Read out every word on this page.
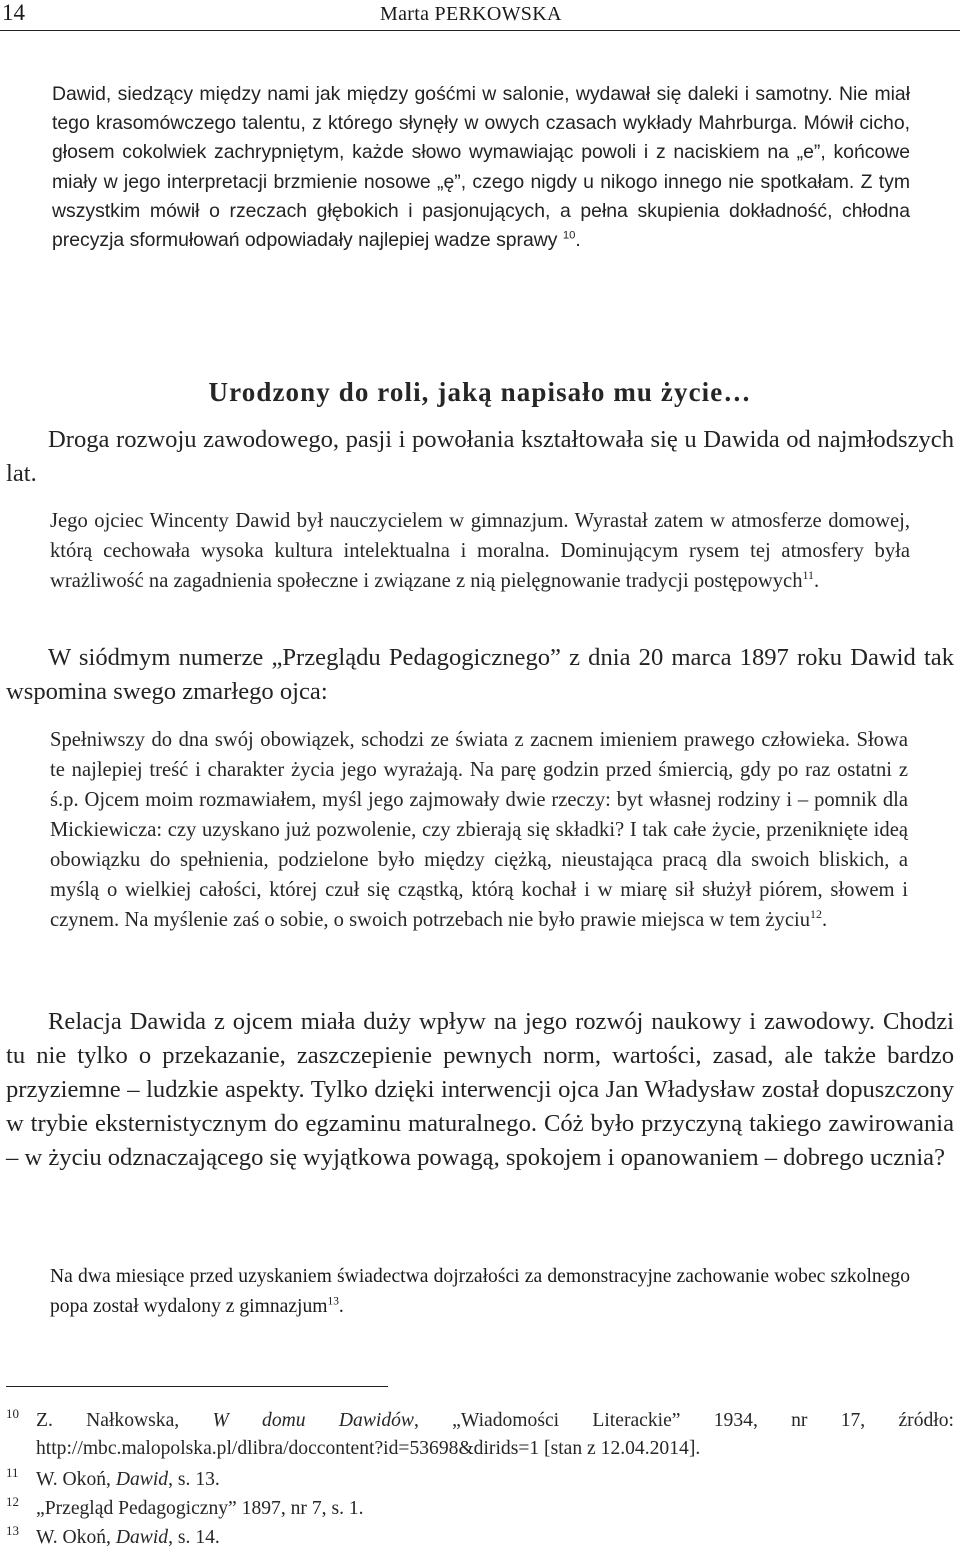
14	Marta PERKOWSKA

Dawid, siedzący między nami jak między gośćmi w salonie, wydawał się daleki i samotny. Nie miał tego krasomówczego talentu, z którego słynęły w owych czasach wykłady Mahrburga. Mówił cicho, głosem cokolwiek zachrypniętym, każde słowo wymawiając powoli i z naciskiem na „e”, końcowe miały w jego interpretacji brzmienie nosowe „ę”, czego nigdy u nikogo innego nie spotkałam. Z tym wszystkim mówił o rzeczach głębokich i pasjonujących, a pełna skupienia dokładność, chłodna precyzja sformułowań odpowiadały najlepiej wadze sprawy $^{10}$.

Urodzony do roli, jaką napisało mu życie…

Droga rozwoju zawodowego, pasji i powołania kształtowała się u Dawida od najmłodszych lat.

Jego ojciec Wincenty Dawid był nauczycielem w gimnazjum. Wyrastał zatem w atmosferze domowej, którą cechowała wysoka kultura intelektualna i moralna. Dominującym rysem tej atmosfery była wrażliwość na zagadnienia społeczne i związane z nią pielęgnowanie tradycji postępowych$^{11}$.

W siódmym numerze „Przeglądu Pedagogicznego” z dnia 20 marca 1897 roku Dawid tak wspomina swego zmarłego ojca:

Spełniwszy do dna swój obowiązek, schodzi ze świata z zacnem imieniem prawego człowieka. Słowa te najlepiej treść i charakter życia jego wyrażają. Na parę godzin przed śmiercią, gdy po raz ostatni z ś.p. Ojcem moim rozmawiałem, myśl jego zajmowały dwie rzeczy: byt własnej rodziny i – pomnik dla Mickiewicza: czy uzyskano już pozwolenie, czy zbierają się składki? I tak całe życie, przeniknięte ideą obowiązku do spełnienia, podzielone było między ciężką, nieustająca pracą dla swoich bliskich, a myślą o wielkiej całości, której czuł się cząstką, którą kochał i w miarę sił służył piórem, słowem i czynem. Na myślenie zaś o sobie, o swoich potrzebach nie było prawie miejsca w tem życiu$^{12}$.

Relacja Dawida z ojcem miała duży wpływ na jego rozwój naukowy i zawodowy. Chodzi tu nie tylko o przekazanie, zaszczepienie pewnych norm, wartości, zasad, ale także bardzo przyziemne – ludzkie aspekty. Tylko dzięki interwencji ojca Jan Władysław został dopuszczony w trybie eksternistycznym do egzaminu maturalnego. Cóż było przyczyną takiego zawirowania – w życiu odznaczającego się wyjątkowa powagą, spokojem i opanowaniem – dobrego ucznia?

Na dwa miesiące przed uzyskaniem świadectwa dojrzałości za demonstracyjne zachowanie wobec szkolnego popa został wydalony z gimnazjum$^{13}$.

10 Z. Nałkowska, W domu Dawidów, „Wiadomości Literackie” 1934, nr 17, źródło: http://mbc.malopolska.pl/dlibra/doccontent?id=53698&dirids=1 [stan z 12.04.2014].
11 W. Okoń, Dawid, s. 13.
12 „Przegląd Pedagogiczny” 1897, nr 7, s. 1.
13 W. Okoń, Dawid, s. 14.
